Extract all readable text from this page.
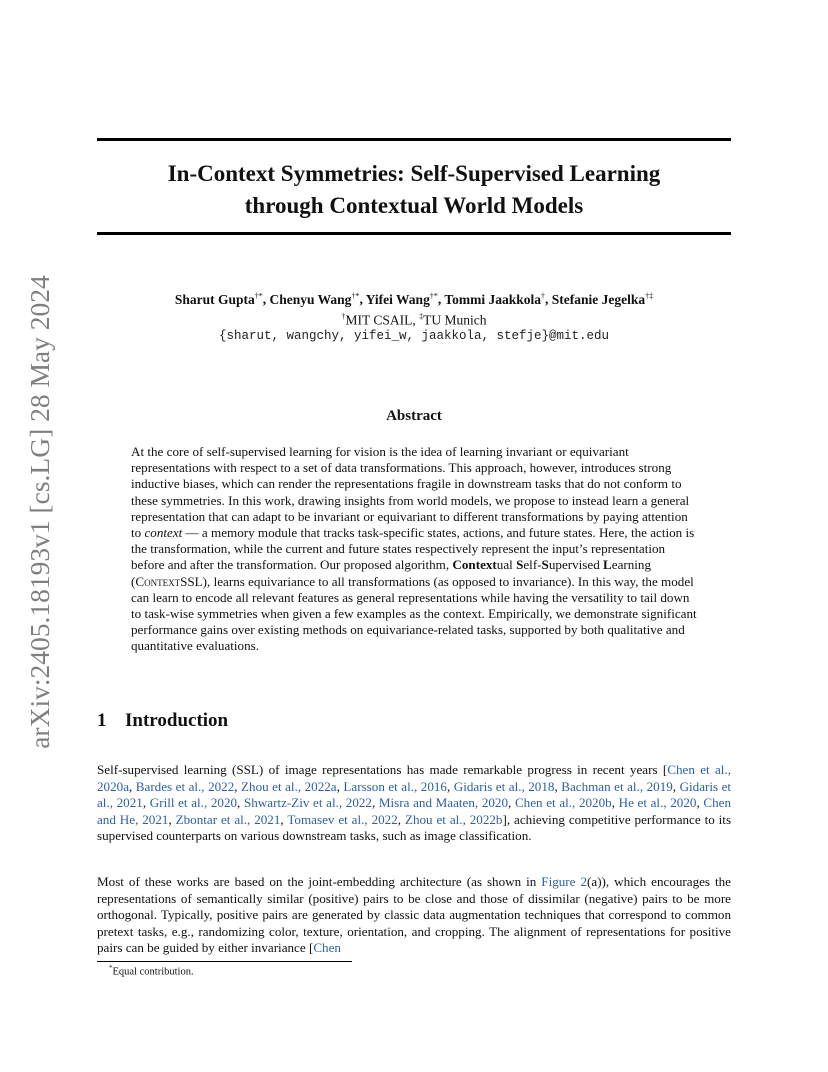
arXiv:2405.18193v1 [cs.LG] 28 May 2024
In-Context Symmetries: Self-Supervised Learning
through Contextual World Models
Sharut Gupta†*, Chenyu Wang†*, Yifei Wang†*, Tommi Jaakkola†, Stefanie Jegelka†‡
†MIT CSAIL, ‡TU Munich
{sharut, wangchy, yifei_w, jaakkola, stefje}@mit.edu
Abstract
At the core of self-supervised learning for vision is the idea of learning invariant or equivariant representations with respect to a set of data transformations. This approach, however, introduces strong inductive biases, which can render the representations fragile in downstream tasks that do not conform to these symmetries. In this work, drawing insights from world models, we propose to instead learn a general representation that can adapt to be invariant or equivariant to different transformations by paying attention to context — a memory module that tracks task-specific states, actions, and future states. Here, the action is the transformation, while the current and future states respectively represent the input’s representation before and after the transformation. Our proposed algorithm, Contextual Self-Supervised Learning (ContextSSL), learns equivariance to all transformations (as opposed to invariance). In this way, the model can learn to encode all relevant features as general representations while having the versatility to tail down to task-wise symmetries when given a few examples as the context. Empirically, we demonstrate significant performance gains over existing methods on equivariance-related tasks, supported by both qualitative and quantitative evaluations.
1 Introduction
Self-supervised learning (SSL) of image representations has made remarkable progress in recent years [Chen et al., 2020a, Bardes et al., 2022, Zhou et al., 2022a, Larsson et al., 2016, Gidaris et al., 2018, Bachman et al., 2019, Gidaris et al., 2021, Grill et al., 2020, Shwartz-Ziv et al., 2022, Misra and Maaten, 2020, Chen et al., 2020b, He et al., 2020, Chen and He, 2021, Zbontar et al., 2021, Tomasev et al., 2022, Zhou et al., 2022b], achieving competitive performance to its supervised counterparts on various downstream tasks, such as image classification.
Most of these works are based on the joint-embedding architecture (as shown in Figure 2(a)), which encourages the representations of semantically similar (positive) pairs to be close and those of dissimilar (negative) pairs to be more orthogonal. Typically, positive pairs are generated by classic data augmentation techniques that correspond to common pretext tasks, e.g., randomizing color, texture, orientation, and cropping. The alignment of representations for positive pairs can be guided by either invariance [Chen
*Equal contribution.
